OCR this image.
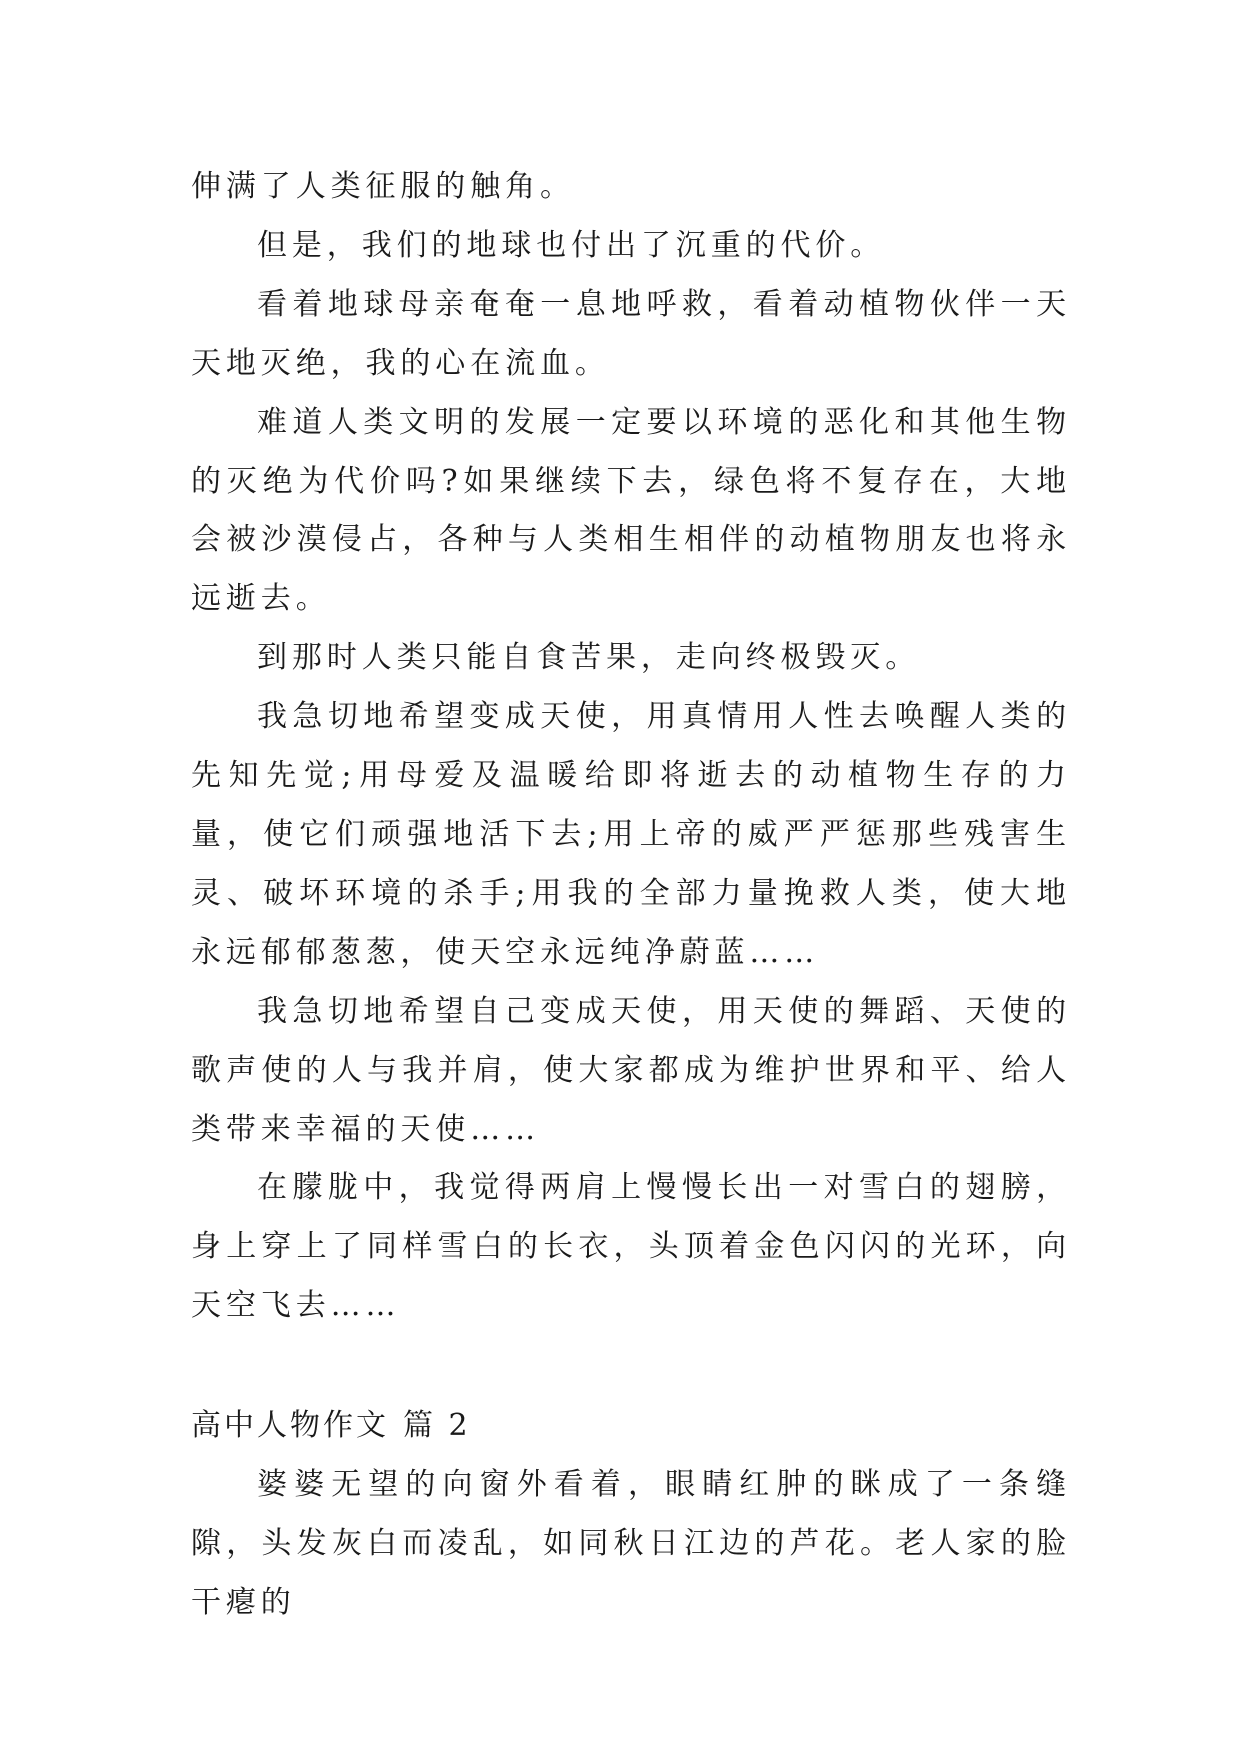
伸满了人类征服的触角。

但是，我们的地球也付出了沉重的代价。

看着地球母亲奄奄一息地呼救，看着动植物伙伴一天天地灭绝，我的心在流血。

难道人类文明的发展一定要以环境的恶化和其他生物的灭绝为代价吗?如果继续下去，绿色将不复存在，大地会被沙漠侵占，各种与人类相生相伴的动植物朋友也将永远逝去。

到那时人类只能自食苦果，走向终极毁灭。

我急切地希望变成天使，用真情用人性去唤醒人类的先知先觉;用母爱及温暖给即将逝去的动植物生存的力量，使它们顽强地活下去;用上帝的威严严惩那些残害生灵、破坏环境的杀手;用我的全部力量挽救人类，使大地永远郁郁葱葱，使天空永远纯净蔚蓝……

我急切地希望自己变成天使，用天使的舞蹈、天使的歌声使的人与我并肩，使大家都成为维护世界和平、给人类带来幸福的天使……

在朦胧中，我觉得两肩上慢慢长出一对雪白的翅膀，身上穿上了同样雪白的长衣，头顶着金色闪闪的光环，向天空飞去……

高中人物作文 篇 2

婆婆无望的向窗外看着，眼睛红肿的眯成了一条缝隙，头发灰白而凌乱，如同秋日江边的芦花。老人家的脸干瘪的
